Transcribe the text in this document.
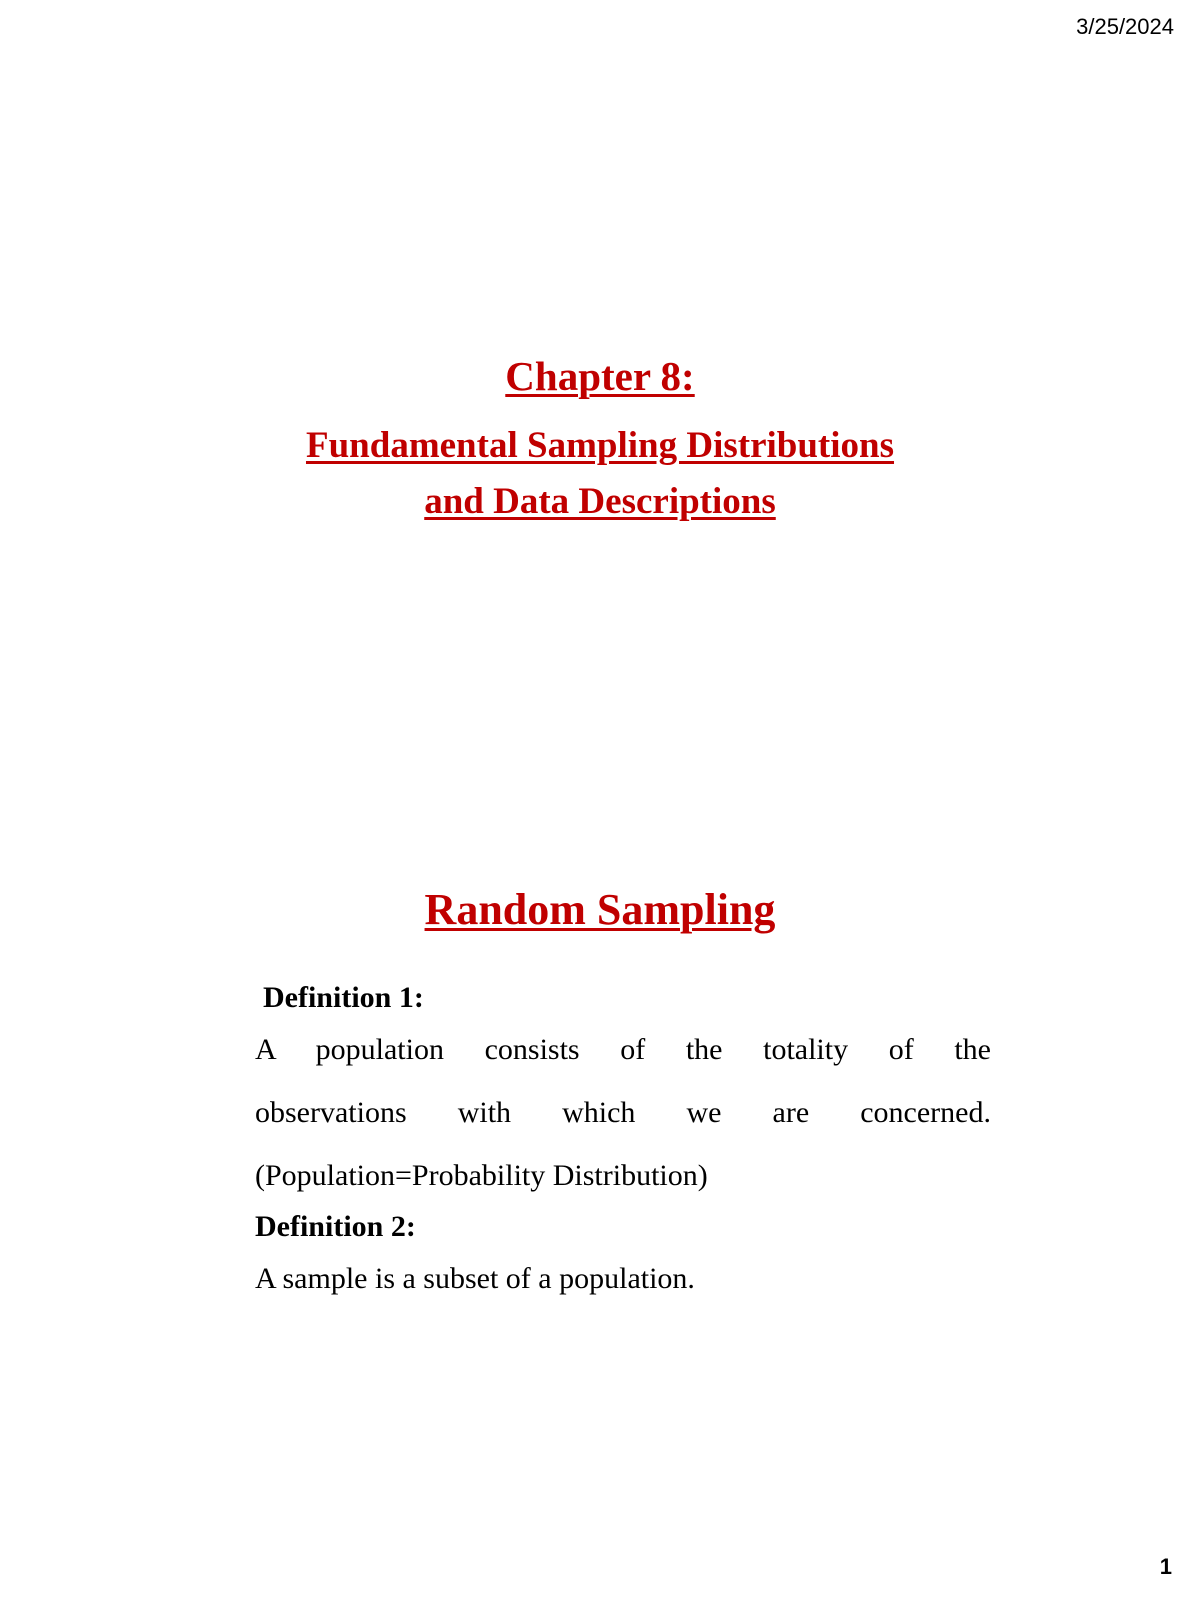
3/25/2024
Chapter 8:
Fundamental Sampling Distributions
and Data Descriptions
Random Sampling

Definition 1:

A population consists of the totality of the
observations with which we are concerned.
(Population=Probability Distribution)

Definition 2:

A sample is a subset of a population.

1
